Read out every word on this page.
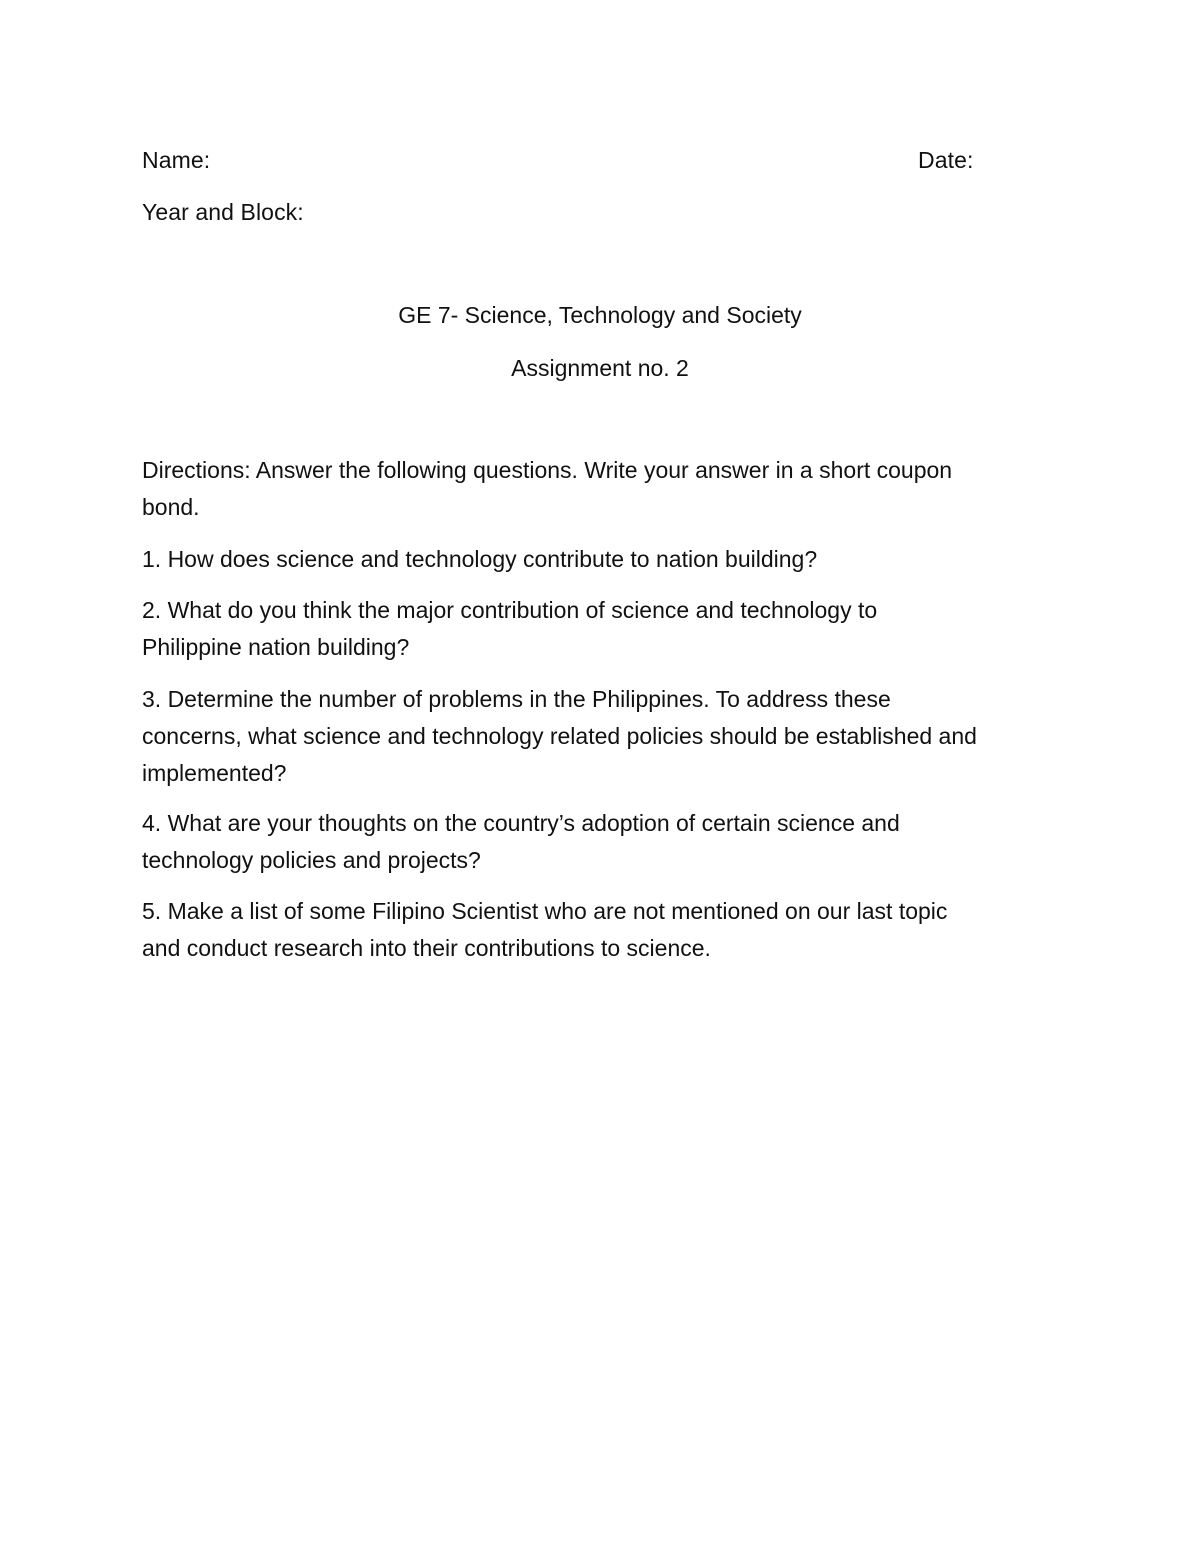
Name:	Date:
Year and Block:
GE 7- Science, Technology and Society
Assignment no. 2
Directions: Answer the following questions. Write your answer in a short coupon
bond.
1. How does science and technology contribute to nation building?
2. What do you think the major contribution of science and technology to
Philippine nation building?
3. Determine the number of problems in the Philippines. To address these
concerns, what science and technology related policies should be established and
implemented?
4. What are your thoughts on the country’s adoption of certain science and
technology policies and projects?
5. Make a list of some Filipino Scientist who are not mentioned on our last topic
and conduct research into their contributions to science.
